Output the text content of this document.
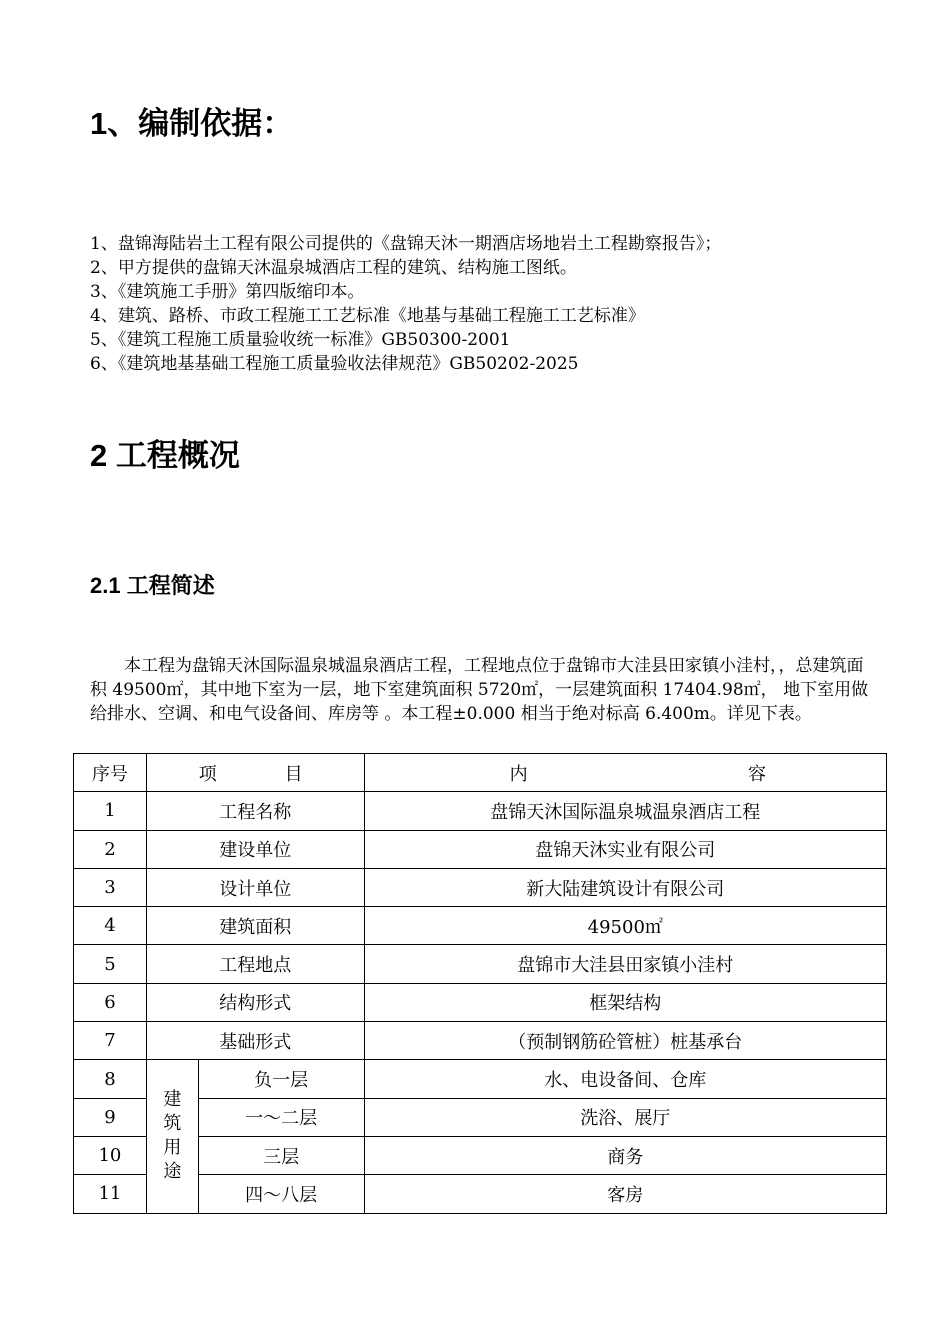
1、编制依据：
1、盘锦海陆岩土工程有限公司提供的《盘锦天沐一期酒店场地岩土工程勘察报告》；
2、甲方提供的盘锦天沐温泉城酒店工程的建筑、结构施工图纸。
3、《建筑施工手册》第四版缩印本。
4、建筑、路桥、市政工程施工工艺标准《地基与基础工程施工工艺标准》
5、《建筑工程施工质量验收统一标准》GB50300-2001
6、《建筑地基基础工程施工质量验收法律规范》GB50202-2025
2 工程概况
2.1 工程简述

本工程为盘锦天沐国际温泉城温泉酒店工程，工程地点位于盘锦市大洼县田家镇小洼村，，总建筑面积 49500㎡，其中地下室为一层，地下室建筑面积 5720㎡，一层建筑面积 17404.98㎡， 地下室用做给排水、空调、和电气设备间、库房等 。本工程±0.000 相当于绝对标高 6.400m。详见下表。

序号	项    目		内 容

1	工程名称		盘锦天沐国际温泉城温泉酒店工程
2	建设单位		盘锦天沐实业有限公司
3	设计单位		新大陆建筑设计有限公司
4	建筑面积		49500㎡
5	工程地点		盘锦市大洼县田家镇小洼村
6	结构形式		框架结构
7	基础形式		（预制钢筋砼管桩）桩基承台
8	建
筑
用
途	负一层	水、电设备间、仓库
9		一～二层	洗浴、展厅
10		三层	商务
11		四～八层	客房
